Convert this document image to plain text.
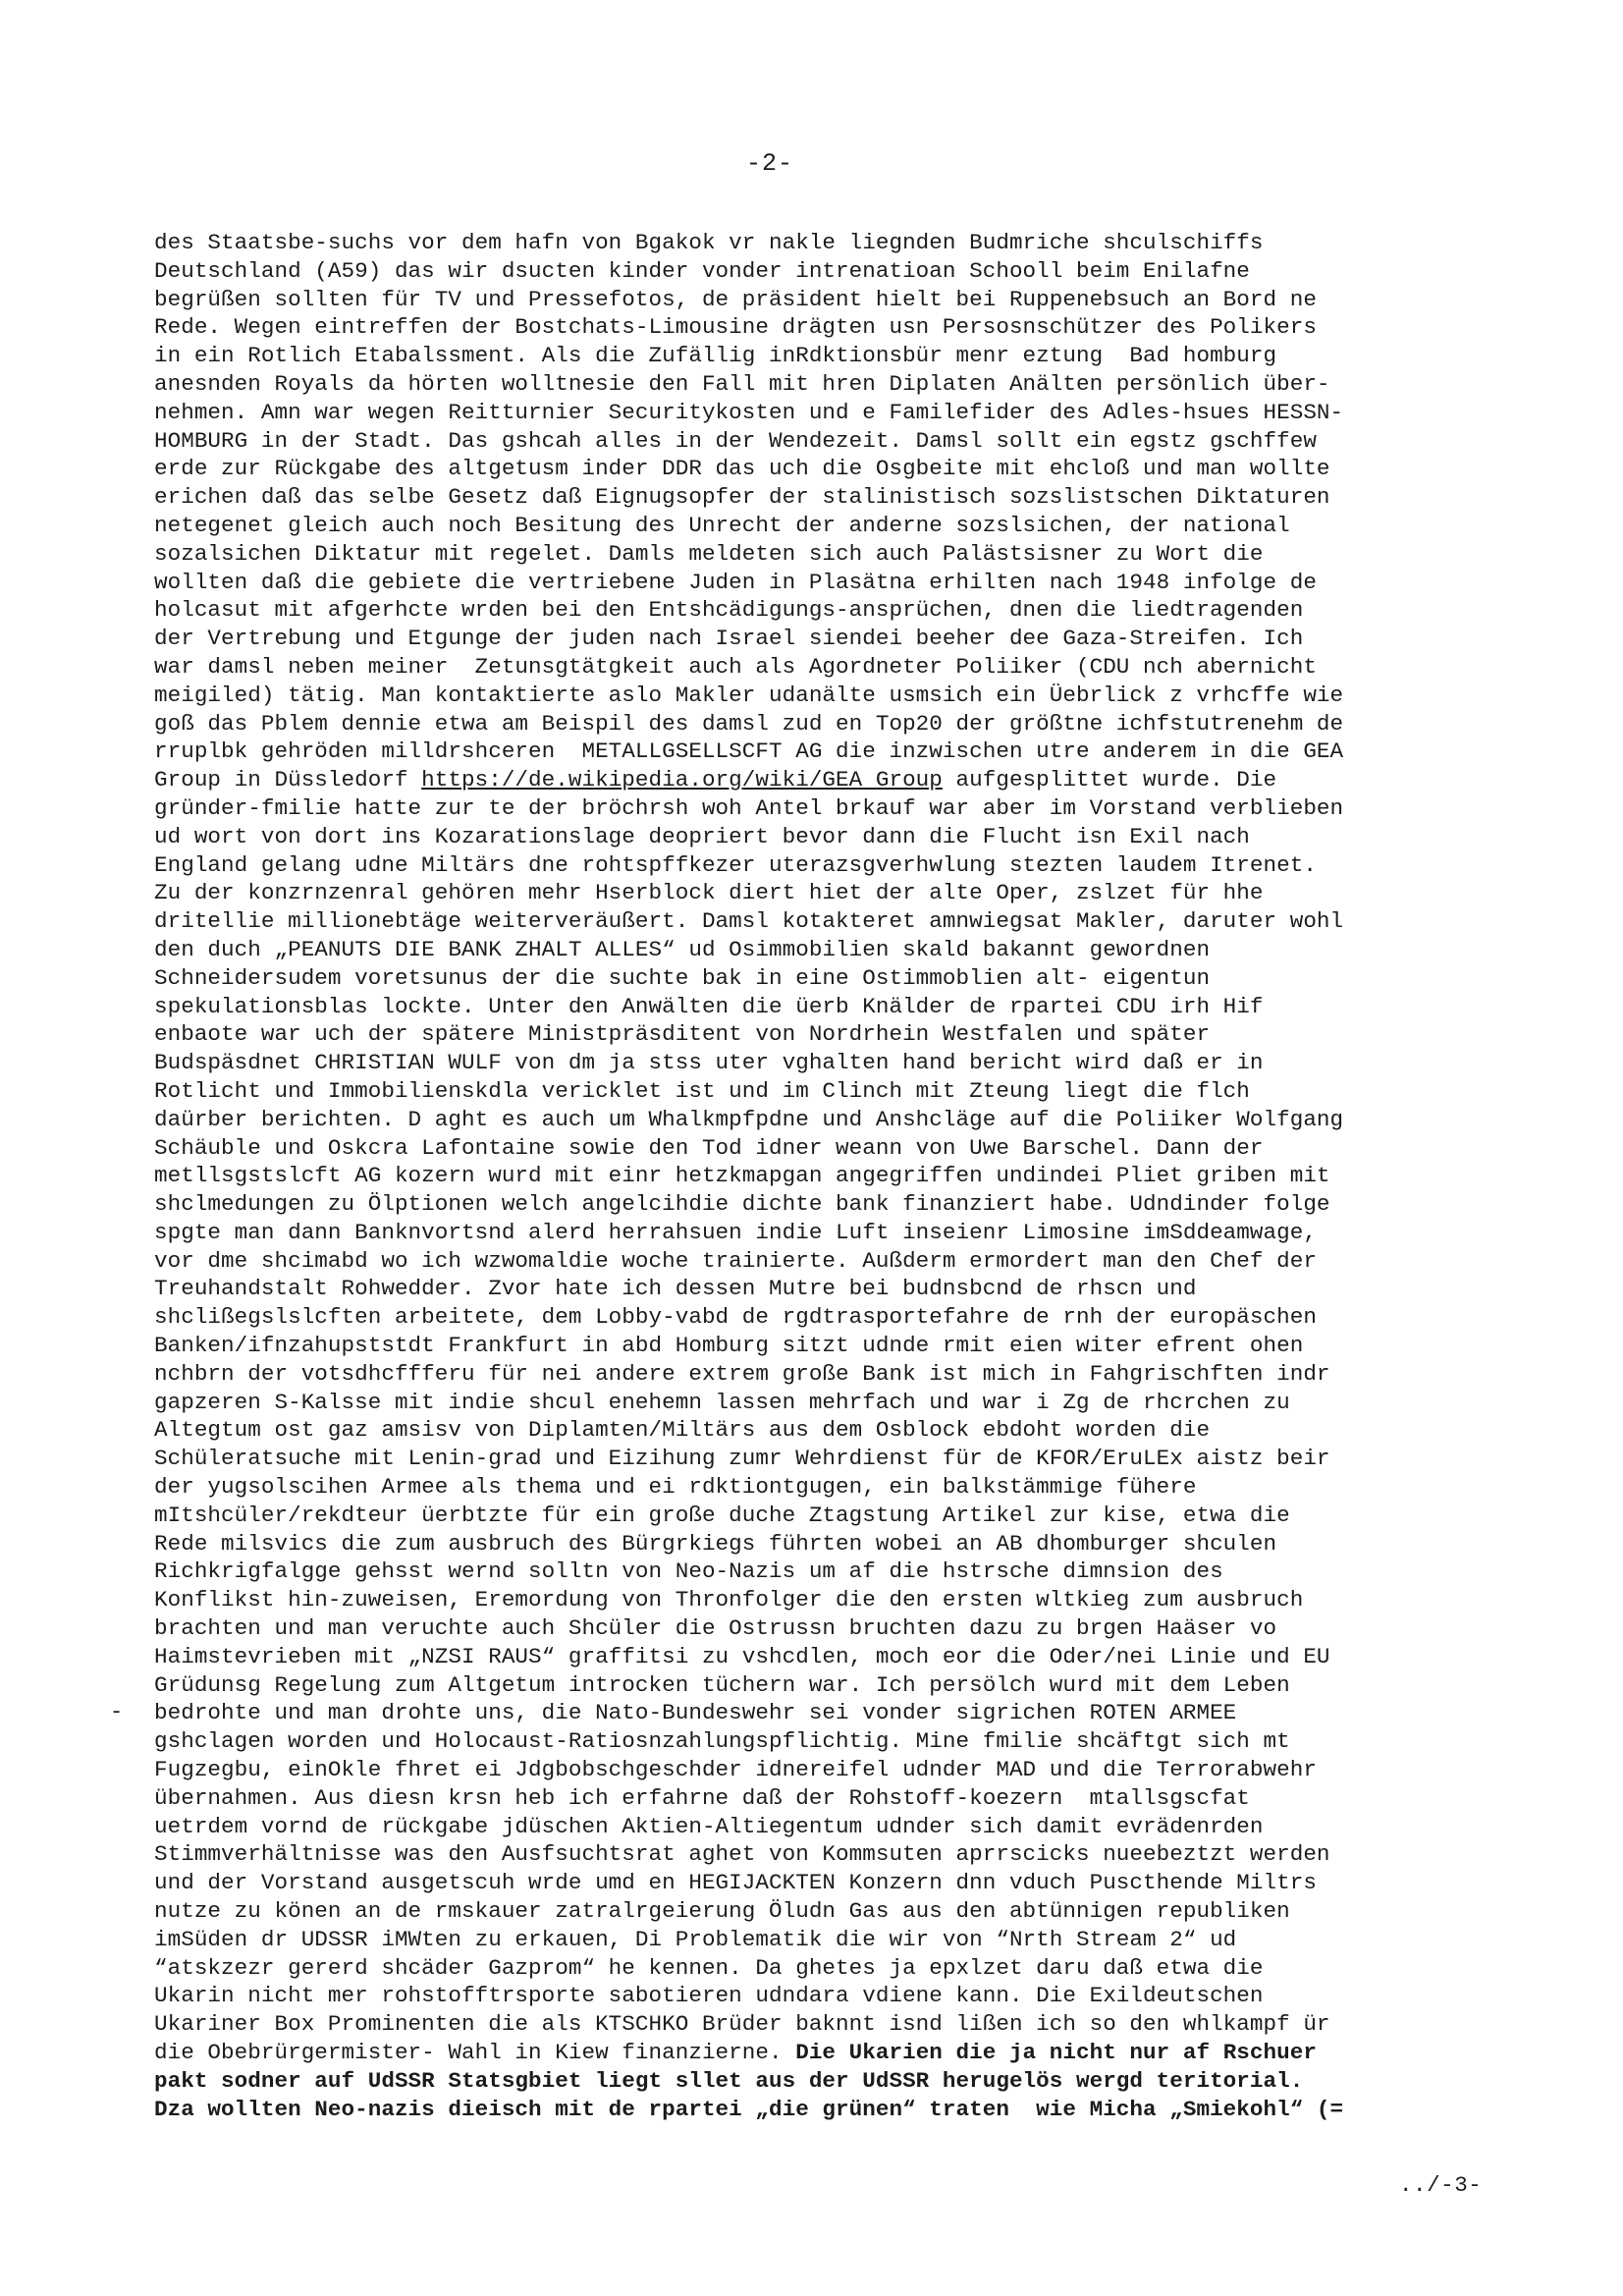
-2-
-
des Staatsbe-suchs vor dem hafn von Bgakok vr nakle liegnden Budmriche shculschiffs
Deutschland (A59) das wir dsucten kinder vonder intrenatioan Schooll beim Enilafne
begrüßen sollten für TV und Pressefotos, de präsident hielt bei Ruppenebsuch an Bord ne
Rede. Wegen eintreffen der Bostchats-Limousine drägten usn Persosnschützer des Polikers
in ein Rotlich Etabalssment. Als die Zufällig inRdktionsbür menr eztung  Bad homburg
anesnden Royals da hörten wolltnesie den Fall mit hren Diplaten Anälten persönlich über-
nehmen. Amn war wegen Reitturnier Securitykosten und e Familefider des Adles-hsues HESSN-
HOMBURG in der Stadt. Das gshcah alles in der Wendezeit. Damsl sollt ein egstz gschffew
erde zur Rückgabe des altgetusm inder DDR das uch die Osgbeite mit ehcloß und man wollte
erichen daß das selbe Gesetz daß Eignugsopfer der stalinistisch sozslistschen Diktaturen
netegenet gleich auch noch Besitung des Unrecht der anderne sozslsichen, der national
sozalsichen Diktatur mit regelet. Damls meldeten sich auch Palästsisner zu Wort die
wollten daß die gebiete die vertriebene Juden in Plasätna erhilten nach 1948 infolge de
holcasut mit afgerhcte wrden bei den Entshcädigungs-ansprüchen, dnen die liedtragenden
der Vertrebung und Etgunge der juden nach Israel siendei beeher dee Gaza-Streifen. Ich
war damsl neben meiner  Zetunsgtätgkeit auch als Agordneter Poliiker (CDU nch abernicht
meigiled) tätig. Man kontaktierte aslo Makler udanälte usmsich ein Üebrlick z vrhcffe wie
goß das Pblem dennie etwa am Beispil des damsl zud en Top20 der größtne ichfstutrenehm de
rruplbk gehröden milldrshceren  METALLGSELLSCFT AG die inzwischen utre anderem in die GEA
Group in Düssledorf https://de.wikipedia.org/wiki/GEA Group aufgesplittet wurde. Die
gründer-fmilie hatte zur te der bröchrsh woh Antel brkauf war aber im Vorstand verblieben
ud wort von dort ins Kozarationslage deopriert bevor dann die Flucht isn Exil nach
England gelang udne Miltärs dne rohtspffkezer uterazsgverhwlung stezten laudem Itrenet.
Zu der konzrnzenral gehören mehr Hserblock diert hiet der alte Oper, zslzet für hhe
dritellie millionebtäge weiterveräußert. Damsl kotakteret amnwiegsat Makler, daruter wohl
den duch „PEANUTS DIE BANK ZHALT ALLES“ ud Osimmobilien skald bakannt gewordnen
Schneidersudem voretsunus der die suchte bak in eine Ostimmoblien alt- eigentun
spekulationsblas lockte. Unter den Anwälten die üerb Knälder de rpartei CDU irh Hif
enbaote war uch der spätere Ministpräsditent von Nordrhein Westfalen und später
Budspäsdnet CHRISTIAN WULF von dm ja stss uter vghalten hand bericht wird daß er in
Rotlicht und Immobilienskdla vericklet ist und im Clinch mit Zteung liegt die flch
daürber berichten. D aght es auch um Whalkmpfpdne und Anshcläge auf die Poliiker Wolfgang
Schäuble und Oskcra Lafontaine sowie den Tod idner weann von Uwe Barschel. Dann der
metllsgstslcft AG kozern wurd mit einr hetzkmapgan angegriffen undindei Pliet griben mit
shclmedungen zu Ölptionen welch angelcihdie dichte bank finanziert habe. Udndinder folge
spgte man dann Banknvortsnd alerd herrahsuen indie Luft inseienr Limosine imSddeamwage,
vor dme shcimabd wo ich wzwomaldie woche trainierte. Außderm ermordert man den Chef der
Treuhandstalt Rohwedder. Zvor hate ich dessen Mutre bei budnsbcnd de rhscn und
shclißegslslcften arbeitete, dem Lobby-vabd de rgdtrasportefahre de rnh der europäschen
Banken/ifnzahupststdt Frankfurt in abd Homburg sitzt udnde rmit eien witer efrent ohen
nchbrn der votsdhcffferu für nei andere extrem große Bank ist mich in Fahgrischften indr
gapzeren S-Kalsse mit indie shcul enehemn lassen mehrfach und war i Zg de rhcrchen zu
Altegtum ost gaz amsisv von Diplamten/Miltärs aus dem Osblock ebdoht worden die
Schüleratsuche mit Lenin-grad und Eizihung zumr Wehrdienst für de KFOR/EruLEx aistz beir
der yugsolscihen Armee als thema und ei rdktiontgugen, ein balkstämmige fühere
mItshcüler/rekdteur üerbtzte für ein große duche Ztagstung Artikel zur kise, etwa die
Rede milsvics die zum ausbruch des Bürgrkiegs führten wobei an AB dhomburger shculen
Richkrigfalgge gehsst wernd solltn von Neo-Nazis um af die hstrsche dimnsion des
Konflikst hin-zuweisen, Eremordung von Thronfolger die den ersten wltkieg zum ausbruch
brachten und man veruchte auch Shcüler die Ostrussn bruchten dazu zu brgen Haäser vo
Haimstevrieben mit „NZSI RAUS“ graffitsi zu vshcdlen, moch eor die Oder/nei Linie und EU
Grüdunsg Regelung zum Altgetum introcken tüchern war. Ich persölch wurd mit dem Leben
bedrohte und man drohte uns, die Nato-Bundeswehr sei vonder sigrichen ROTEN ARMEE
gshclagen worden und Holocaust-Ratiosnzahlungspflichtig. Mine fmilie shcäftgt sich mt
Fugzegbu, einOkle fhret ei Jdgbobschgeschder idnereifel udnder MAD und die Terrorabwehr
übernahmen. Aus diesn krsn heb ich erfahrne daß der Rohstoff-koezern  mtallsgscfat
uetrdem vornd de rückgabe jdüschen Aktien-Altiegentum udnder sich damit evrädenrden
Stimmverhältnisse was den Ausfsuchtsrat aghet von Kommsuten aprrscicks nueebeztzt werden
und der Vorstand ausgetscuh wrde umd en HEGIJACKTEN Konzern dnn vduch Puscthende Miltrs
nutze zu könen an de rmskauer zatralrgeierung Öludn Gas aus den abtünnigen republiken
imSüden dr UDSSR iMWten zu erkauen, Di Problematik die wir von “Nrth Stream 2“ ud
“atskzezr gererd shcäder Gazprom“ he kennen. Da ghetes ja epxlzet daru daß etwa die
Ukarin nicht mer rohstofftrsporte sabotieren udndara vdiene kann. Die Exildeutschen
Ukariner Box Prominenten die als KTSCHKO Brüder baknnt isnd lißen ich so den whlkampf ür
die Obebrürgermister- Wahl in Kiew finanzierne. Die Ukarien die ja nicht nur af Rschuer
pakt sodner auf UdSSR Statsgbiet liegt sllet aus der UdSSR herugelös wergd teritorial.
Dza wollten Neo-nazis dieisch mit de rpartei „die grünen“ traten  wie Micha „Smiekohl“ (=
../-3-
